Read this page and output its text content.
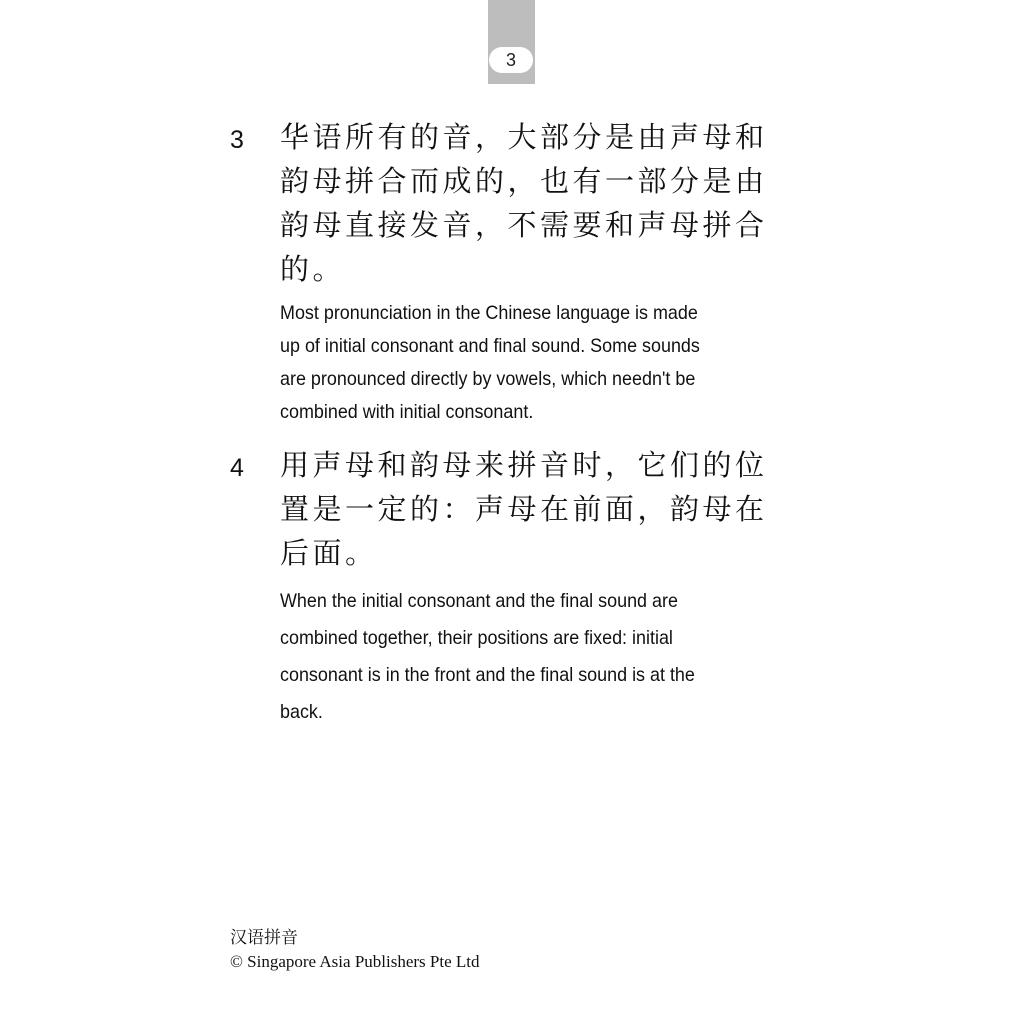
3
3 华语所有的音，大部分是由声母和
韵母拼合而成的，也有一部分是由
韵母直接发音，不需要和声母拼合
的。
Most pronunciation in the Chinese language is made
up of initial consonant and final sound. Some sounds
are pronounced directly by vowels, which needn't be
combined with initial consonant.
4 用声母和韵母来拼音时，它们的位
置是一定的：声母在前面，韵母在
后面。
When the initial consonant and the final sound are
combined together, their positions are fixed: initial
consonant is in the front and the final sound is at the
back.
汉语拼音
© Singapore Asia Publishers Pte Ltd
